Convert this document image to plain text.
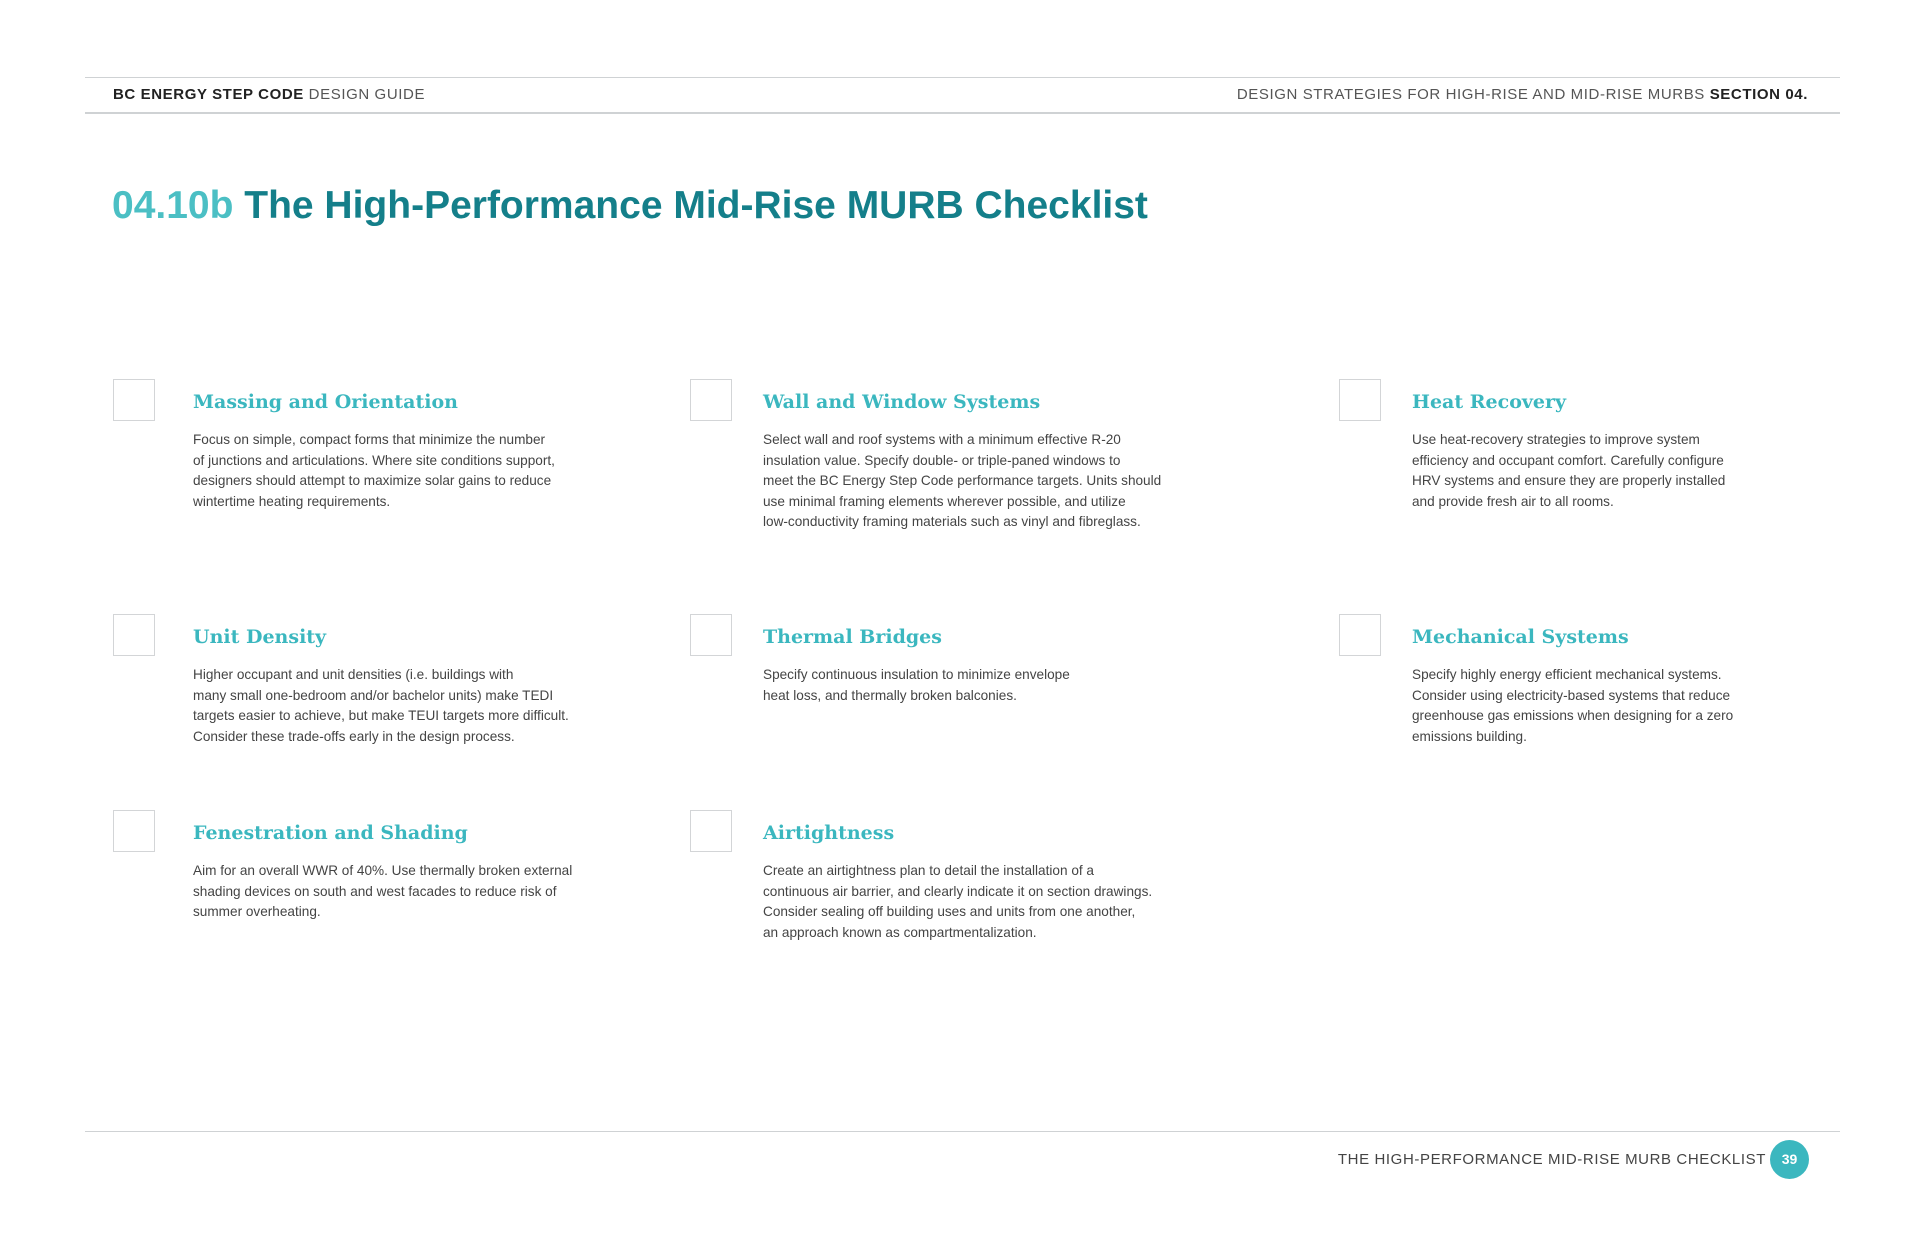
BC ENERGY STEP CODE DESIGN GUIDE	DESIGN STRATEGIES FOR HIGH-RISE AND MID-RISE MURBS SECTION 04.
04.10b The High-Performance Mid-Rise MURB Checklist
Massing and Orientation
Focus on simple, compact forms that minimize the number
of junctions and articulations. Where site conditions support,
designers should attempt to maximize solar gains to reduce
wintertime heating requirements.
Wall and Window Systems
Select wall and roof systems with a minimum effective R-20
insulation value. Specify double- or triple-paned windows to
meet the BC Energy Step Code performance targets. Units should
use minimal framing elements wherever possible, and utilize
low-conductivity framing materials such as vinyl and fibreglass.
Heat Recovery
Use heat-recovery strategies to improve system
efficiency and occupant comfort. Carefully configure
HRV systems and ensure they are properly installed
and provide fresh air to all rooms.
Unit Density
Higher occupant and unit densities (i.e. buildings with
many small one-bedroom and/or bachelor units) make TEDI
targets easier to achieve, but make TEUI targets more difficult.
Consider these trade-offs early in the design process.
Thermal Bridges
Specify continuous insulation to minimize envelope
heat loss, and thermally broken balconies.
Mechanical Systems
Specify highly energy efficient mechanical systems.
Consider using electricity-based systems that reduce
greenhouse gas emissions when designing for a zero
emissions building.
Fenestration and Shading
Aim for an overall WWR of 40%. Use thermally broken external
shading devices on south and west facades to reduce risk of
summer overheating.
Airtightness
Create an airtightness plan to detail the installation of a
continuous air barrier, and clearly indicate it on section drawings.
Consider sealing off building uses and units from one another,
an approach known as compartmentalization.
THE HIGH-PERFORMANCE MID-RISE MURB CHECKLIST	39
